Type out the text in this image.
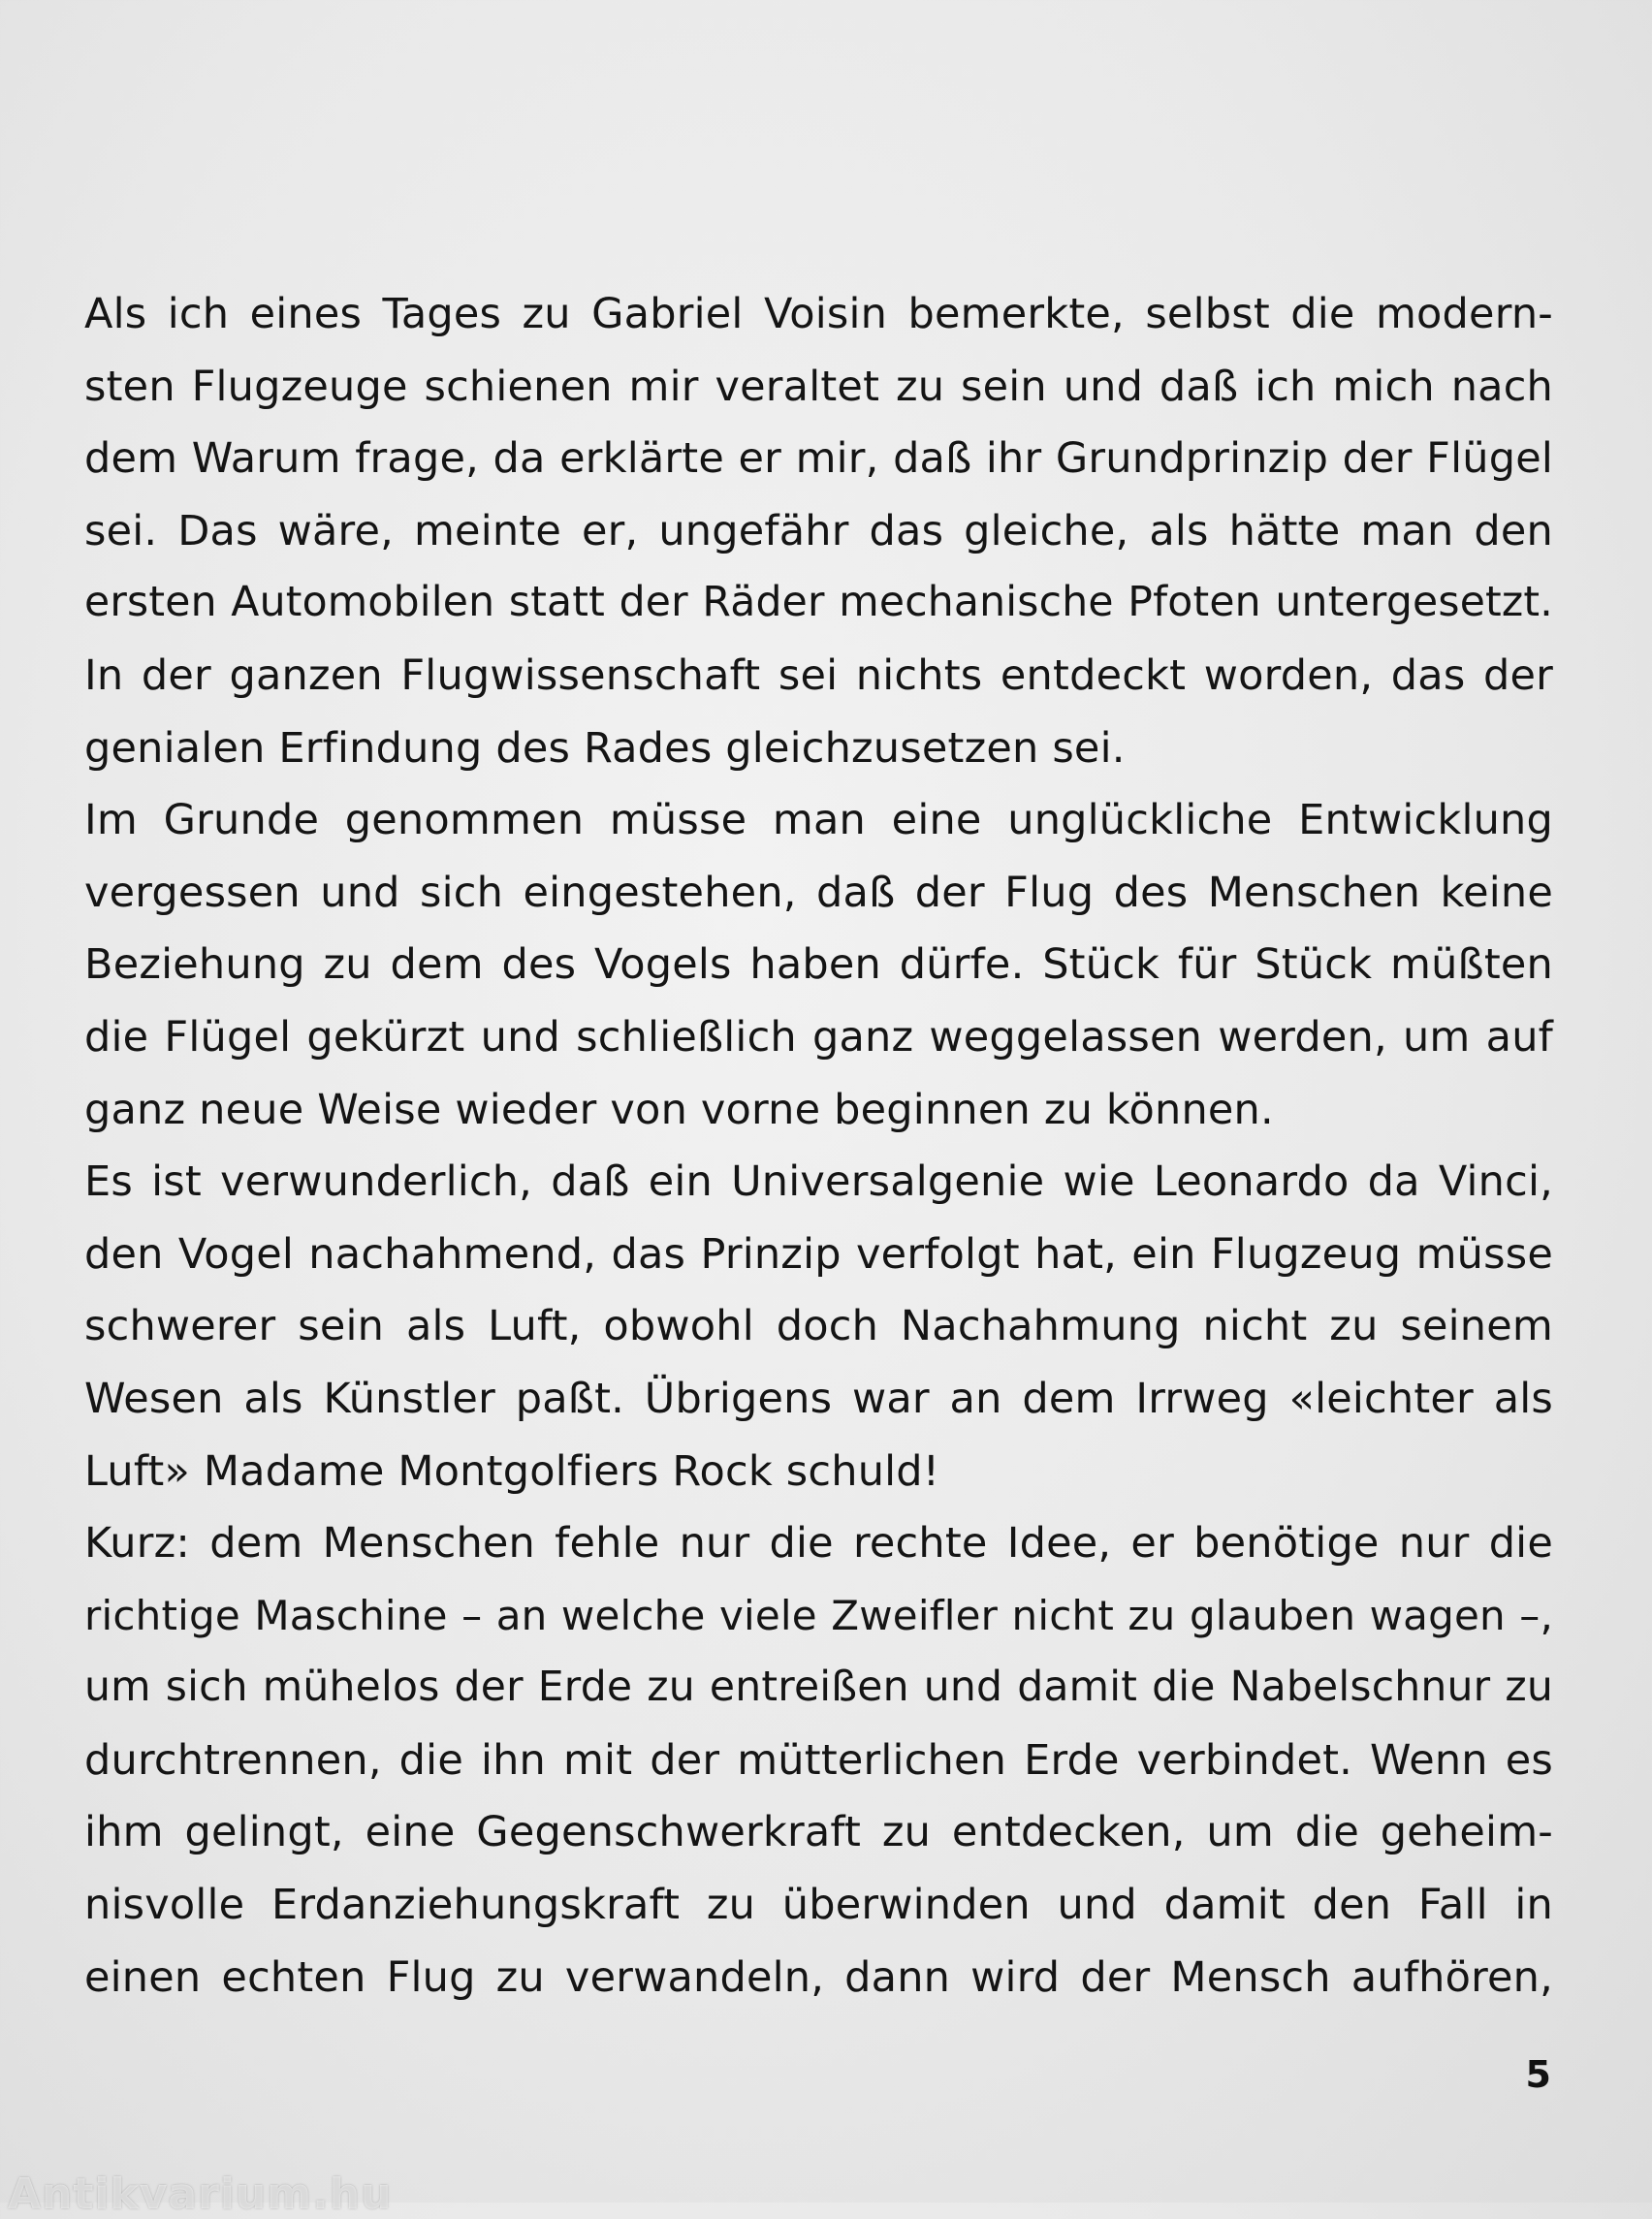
Als ich eines Tages zu Gabriel Voisin bemerkte, selbst die modern-
sten Flugzeuge schienen mir veraltet zu sein und daß ich mich nach
dem Warum frage, da erklärte er mir, daß ihr Grundprinzip der Flügel
sei. Das wäre, meinte er, ungefähr das gleiche, als hätte man den
ersten Automobilen statt der Räder mechanische Pfoten untergesetzt.
In der ganzen Flugwissenschaft sei nichts entdeckt worden, das der
genialen Erfindung des Rades gleichzusetzen sei.
Im Grunde genommen müsse man eine unglückliche Entwicklung
vergessen und sich eingestehen, daß der Flug des Menschen keine
Beziehung zu dem des Vogels haben dürfe. Stück für Stück müßten
die Flügel gekürzt und schließlich ganz weggelassen werden, um auf
ganz neue Weise wieder von vorne beginnen zu können.
Es ist verwunderlich, daß ein Universalgenie wie Leonardo da Vinci,
den Vogel nachahmend, das Prinzip verfolgt hat, ein Flugzeug müsse
schwerer sein als Luft, obwohl doch Nachahmung nicht zu seinem
Wesen als Künstler paßt. Übrigens war an dem Irrweg «leichter als
Luft» Madame Montgolfiers Rock schuld!
Kurz: dem Menschen fehle nur die rechte Idee, er benötige nur die
richtige Maschine – an welche viele Zweifler nicht zu glauben wagen –,
um sich mühelos der Erde zu entreißen und damit die Nabelschnur zu
durchtrennen, die ihn mit der mütterlichen Erde verbindet. Wenn es
ihm gelingt, eine Gegenschwerkraft zu entdecken, um die geheim-
nisvolle Erdanziehungskraft zu überwinden und damit den Fall in
einen echten Flug zu verwandeln, dann wird der Mensch aufhören,
5
Antikvarium.hu
